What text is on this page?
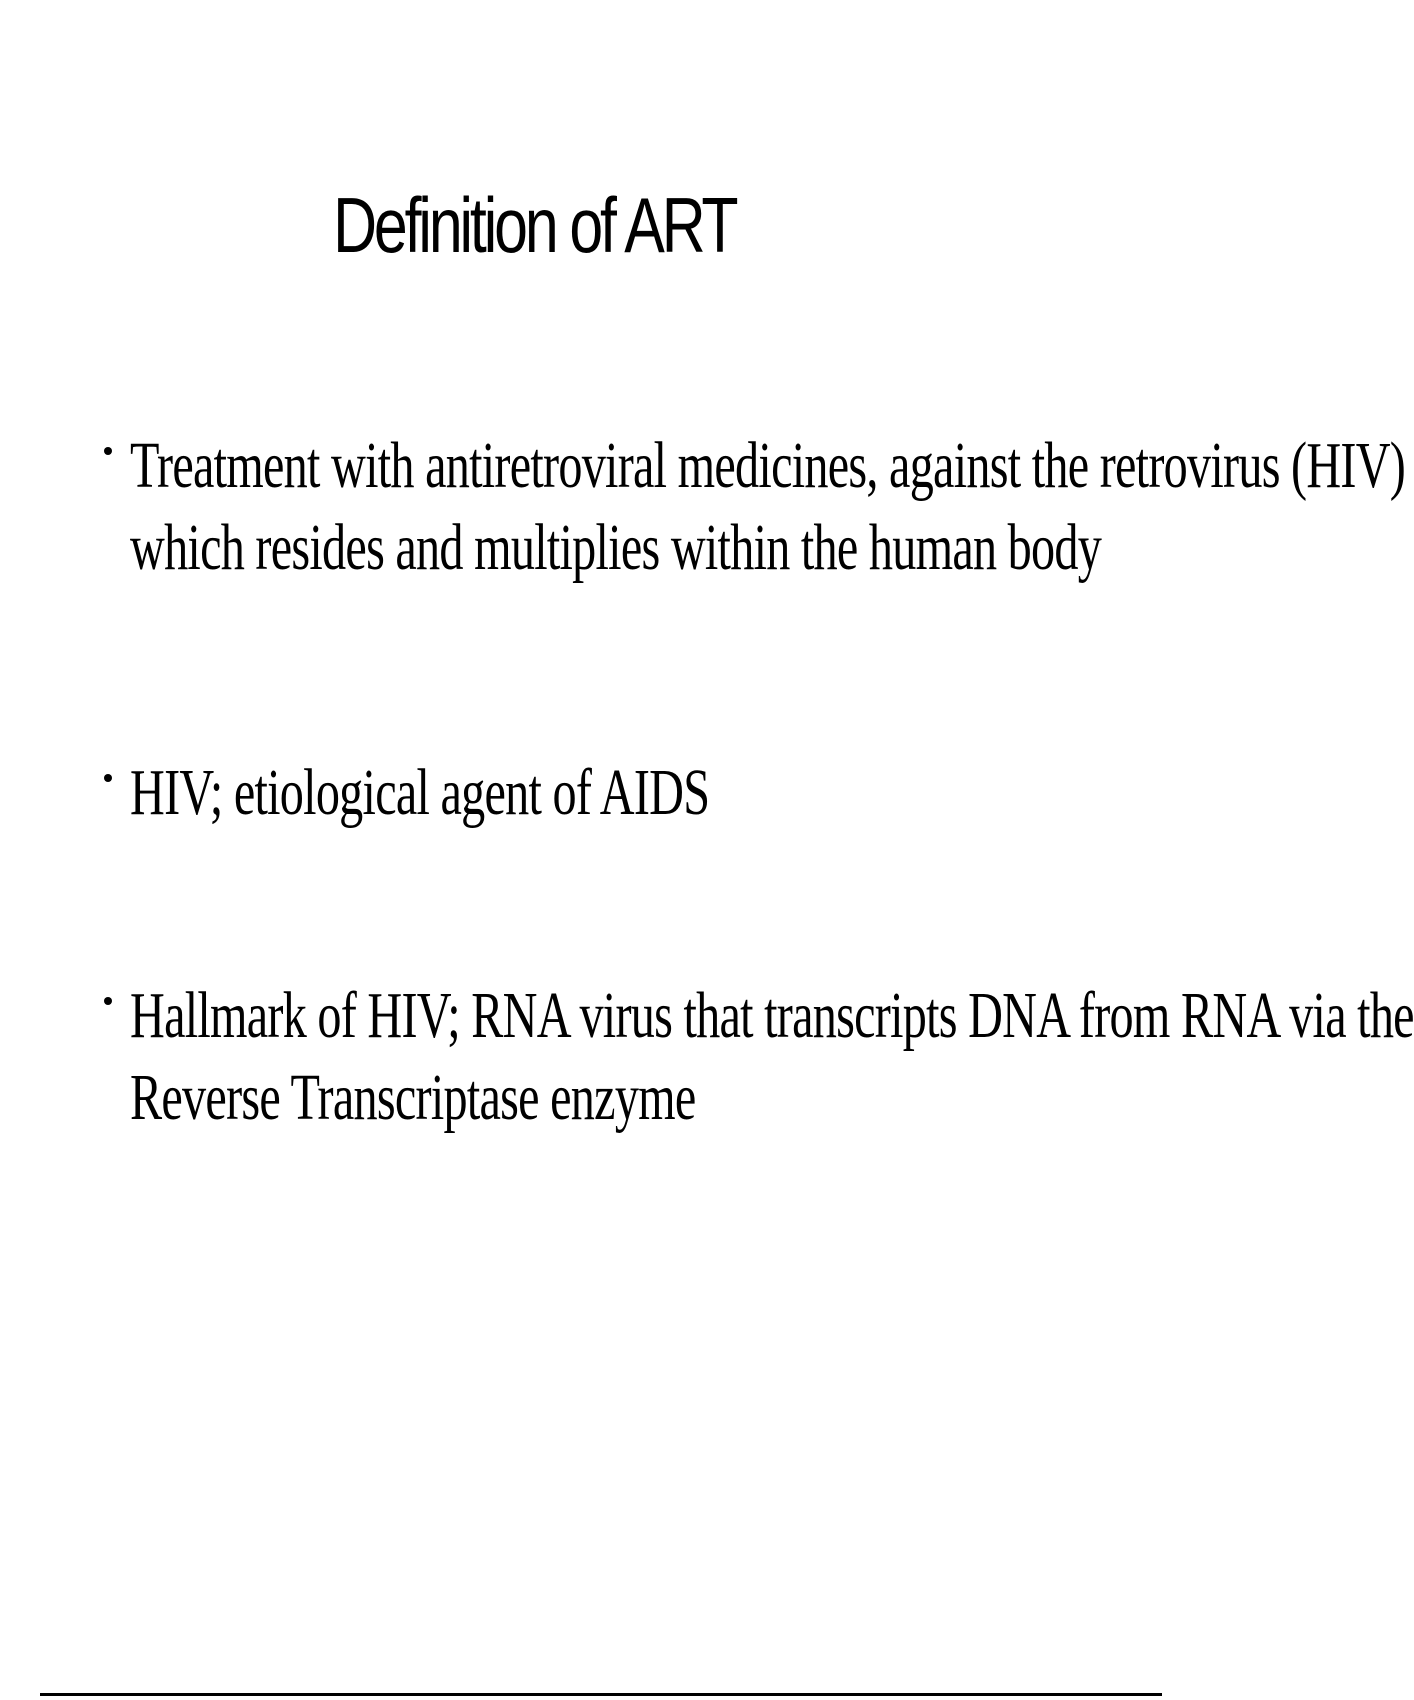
Definition of ART
Treatment with antiretroviral medicines, against the retrovirus (HIV)
which resides and multiplies within the human body
HIV; etiological agent of AIDS
Hallmark of HIV; RNA virus that transcripts DNA from RNA via the
Reverse Transcriptase enzyme
